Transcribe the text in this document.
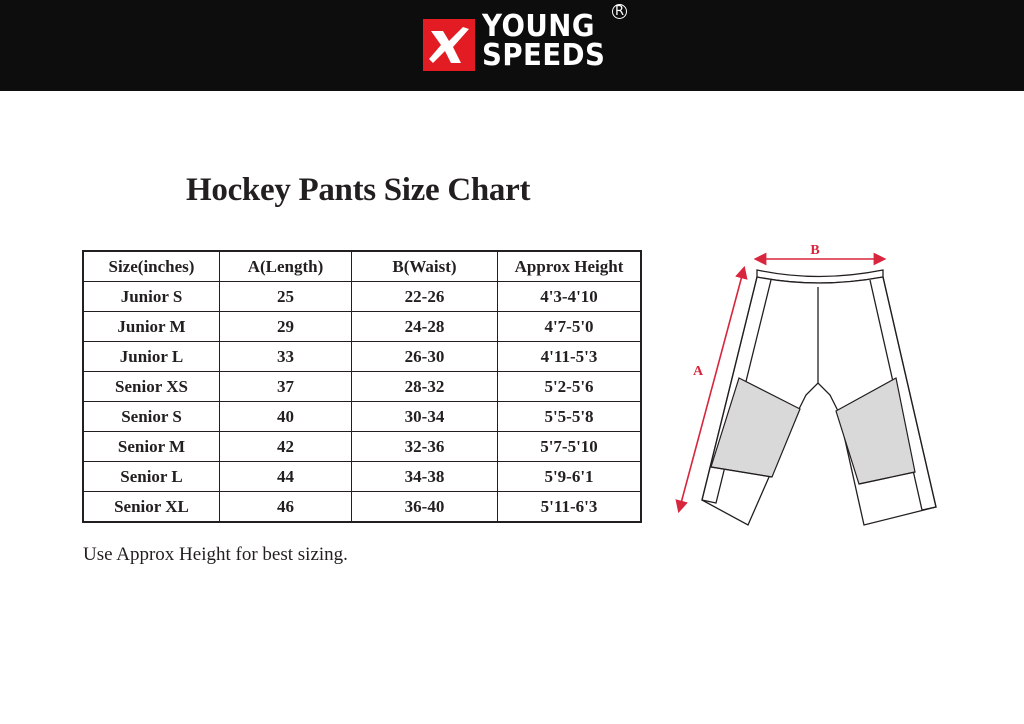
YOUNG
SPEEDS
R
Hockey Pants Size Chart
Size(inches)	A(Length)	B(Waist)	Approx Height
Junior S	25	22-26	4'3-4'10
Junior M	29	24-28	4'7-5'0
Junior L	33	26-30	4'11-5'3
Senior XS	37	28-32	5'2-5'6
Senior S	40	30-34	5'5-5'8
Senior M	42	32-36	5'7-5'10
Senior L	44	34-38	5'9-6'1
Senior XL	46	36-40	5'11-6'3
Use Approx Height for best sizing.
B
A
